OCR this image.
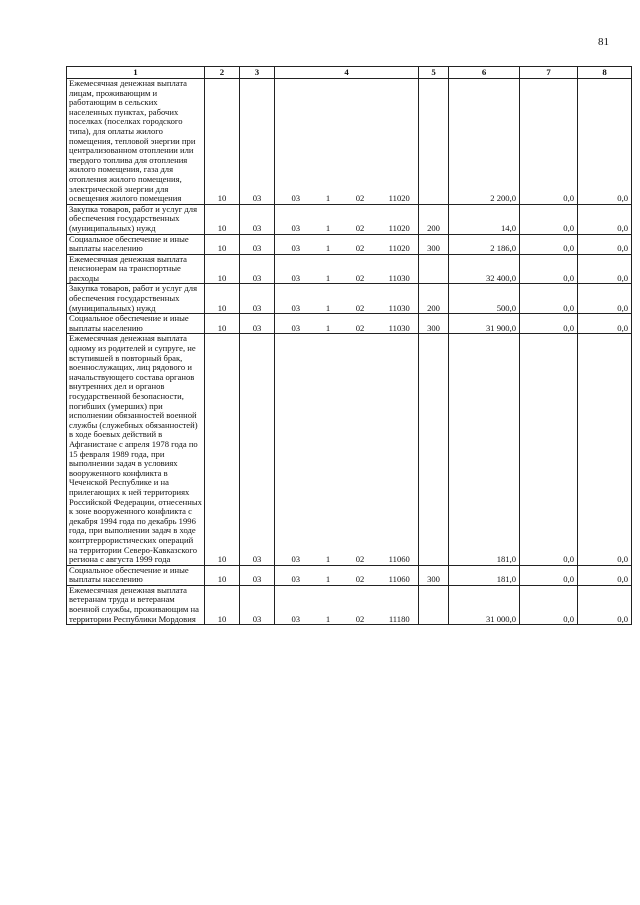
81
1	2	3	4				5	6	7	8
Ежемесячная денежная выплата лицам, проживающим и работающим в сельских населенных пунктах, рабочих поселках (поселках городского типа), для оплаты жилого помещения, тепловой энергии при централизованном отоплении или твердого топлива для отопления жилого помещения, газа для отопления жилого помещения, электрической энергии для освещения жилого помещения	10	03	03	1	02	11020		2 200,0	0,0	0,0
Закупка товаров, работ и услуг для обеспечения государственных (муниципальных) нужд	10	03	03	1	02	11020	200	14,0	0,0	0,0
Социальное обеспечение и иные выплаты населению	10	03	03	1	02	11020	300	2 186,0	0,0	0,0
Ежемесячная денежная выплата пенсионерам на транспортные расходы	10	03	03	1	02	11030		32 400,0	0,0	0,0
Закупка товаров, работ и услуг для обеспечения государственных (муниципальных) нужд	10	03	03	1	02	11030	200	500,0	0,0	0,0
Социальное обеспечение и иные выплаты населению	10	03	03	1	02	11030	300	31 900,0	0,0	0,0
Ежемесячная денежная выплата одному из родителей и супруге, не вступившей в повторный брак, военнослужащих, лиц рядового и начальствующего состава органов внутренних дел и органов государственной безопасности, погибших (умерших) при исполнении обязанностей военной службы (служебных обязанностей) в ходе боевых действий в Афганистане с апреля 1978 года по 15 февраля 1989 года, при выполнении задач в условиях вооруженного конфликта в Чеченской Республике и на прилегающих к ней территориях Российской Федерации, отнесенных к зоне вооруженного конфликта с декабря 1994 года по декабрь 1996 года, при выполнении задач в ходе контртеррористических операций на территории Северо-Кавказского региона с августа 1999 года	10	03	03	1	02	11060		181,0	0,0	0,0
Социальное обеспечение и иные выплаты населению	10	03	03	1	02	11060	300	181,0	0,0	0,0
Ежемесячная денежная выплата ветеранам труда и ветеранам военной службы, проживающим на территории Республики Мордовия	10	03	03	1	02	11180		31 000,0	0,0	0,0
